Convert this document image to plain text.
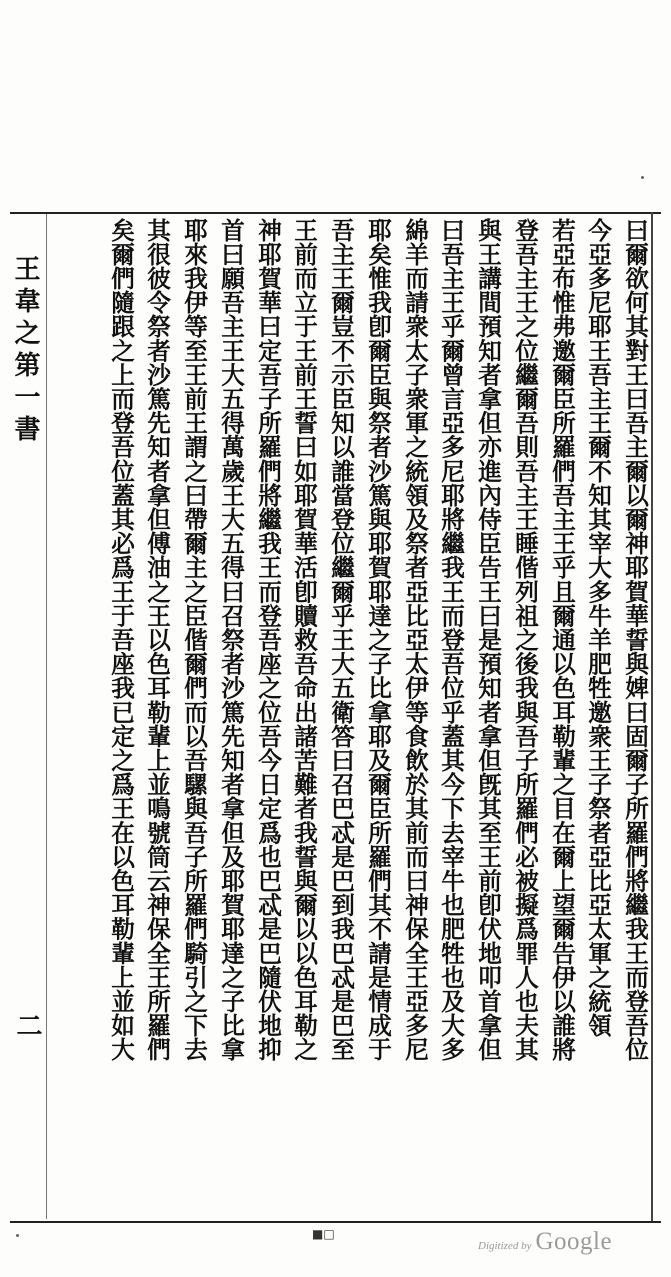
王韋之第一書
二	曰爾欲何其對王曰吾主爾以爾神耶賀華誓與婢曰固爾子所羅們將繼我王而登吾位
今亞多尼耶王吾主王爾不知其宰大多牛羊肥牲邀衆王子祭者亞比亞太軍之統領
若亞布惟弗邀爾臣所羅們吾主王乎且爾通以色耳勒輩之目在爾上望爾告伊以誰將
登吾主王之位繼爾吾則吾主王睡偕列祖之後我與吾子所羅們必被擬爲罪人也夫其
與王講間預知者拿但亦進內侍臣告王曰是預知者拿但旣其至王前卽伏地叩首拿但
曰吾主王乎爾曾言亞多尼耶將繼我王而登吾位乎蓋其今下去宰牛也肥牲也及大多
綿羊而請衆太子衆軍之統領及祭者亞比亞太伊等食飲於其前而曰神保全王亞多尼
耶矣惟我卽爾臣與祭者沙篤與耶賀耶達之子比拿耶及爾臣所羅們其不請是情成于
吾主王爾豈不示臣知以誰當登位繼爾乎王大五衛答曰召巴忒是巴到我巴忒是巴至
王前而立于王前王誓曰如耶賀華活卽贖救吾命出諸苦難者我誓與爾以以色耳勒之
神耶賀華曰定吾子所羅們將繼我王而登吾座之位吾今日定爲也巴忒是巴隨伏地抑
首曰願吾主王大五得萬歲王大五得曰召祭者沙篤先知者拿但及耶賀耶達之子比拿
耶來我伊等至王前王謂之曰帶爾主之臣偕爾們而以吾騾與吾子所羅們騎引之下去
其很彼令祭者沙篤先知者拿但傅油之王以色耳勒輩上並鳴號筒云神保全王所羅們
矣爾們隨跟之上而登吾位蓋其必爲王于吾座我已定之爲王在以色耳勒輩上並如大
■□
Digitized by Google
